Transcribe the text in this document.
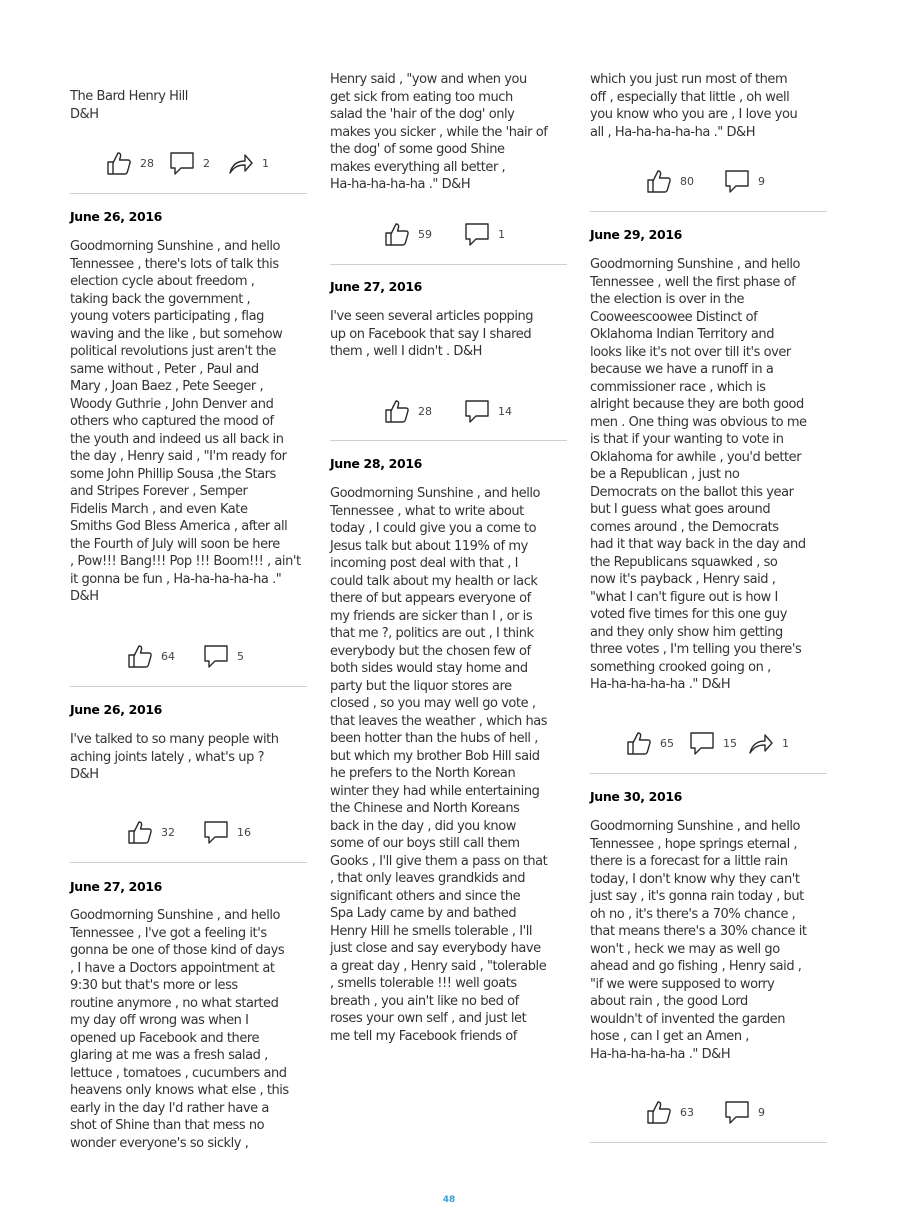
The Bard Henry Hill
D&H

28	2	1
June 26, 2016

Goodmorning Sunshine , and hello
Tennessee , there's lots of talk this
election cycle about freedom ,
taking back the government ,
young voters participating , flag
waving and the like , but somehow
political revolutions just aren't the
same without , Peter , Paul and
Mary , Joan Baez , Pete Seeger ,
Woody Guthrie , John Denver and
others who captured the mood of
the youth and indeed us all back in
the day , Henry said , "I'm ready for
some John Phillip Sousa ,the Stars
and Stripes Forever , Semper
Fidelis March , and even Kate
Smiths God Bless America , after all
the Fourth of July will soon be here
, Pow!!! Bang!!! Pop !!! Boom!!! , ain't
it gonna be fun , Ha-ha-ha-ha-ha ."
D&H

64	5
June 26, 2016

I've talked to so many people with
aching joints lately , what's up ?
D&H

32	16
June 27, 2016

Goodmorning Sunshine , and hello
Tennessee , I've got a feeling it's
gonna be one of those kind of days
, I have a Doctors appointment at
9:30 but that's more or less
routine anymore , no what started
my day off wrong was when I
opened up Facebook and there
glaring at me was a fresh salad ,
lettuce , tomatoes , cucumbers and
heavens only knows what else , this
early in the day I'd rather have a
shot of Shine than that mess no
wonder everyone's so sickly ,

Henry said , "yow and when you
get sick from eating too much
salad the 'hair of the dog' only
makes you sicker , while the 'hair of
the dog' of some good Shine
makes everything all better ,
Ha-ha-ha-ha-ha ." D&H

59	1
June 27, 2016

I've seen several articles popping
up on Facebook that say I shared
them , well I didn't . D&H

28	14
June 28, 2016

Goodmorning Sunshine , and hello
Tennessee , what to write about
today , I could give you a come to
Jesus talk but about 119% of my
incoming post deal with that , I
could talk about my health or lack
there of but appears everyone of
my friends are sicker than I , or is
that me ?, politics are out , I think
everybody but the chosen few of
both sides would stay home and
party but the liquor stores are
closed , so you may well go vote ,
that leaves the weather , which has
been hotter than the hubs of hell ,
but which my brother Bob Hill said
he prefers to the North Korean
winter they had while entertaining
the Chinese and North Koreans
back in the day , did you know
some of our boys still call them
Gooks , I'll give them a pass on that
, that only leaves grandkids and
significant others and since the
Spa Lady came by and bathed
Henry Hill he smells tolerable , I'll
just close and say everybody have
a great day , Henry said , "tolerable
, smells tolerable !!! well goats
breath , you ain't like no bed of
roses your own self , and just let
me tell my Facebook friends of

which you just run most of them
off , especially that little , oh well
you know who you are , I love you
all , Ha-ha-ha-ha-ha ." D&H

80	9
June 29, 2016

Goodmorning Sunshine , and hello
Tennessee , well the first phase of
the election is over in the
Cooweescoowee Distinct of
Oklahoma Indian Territory and
looks like it's not over till it's over
because we have a runoff in a
commissioner race , which is
alright because they are both good
men . One thing was obvious to me
is that if your wanting to vote in
Oklahoma for awhile , you'd better
be a Republican , just no
Democrats on the ballot this year
but I guess what goes around
comes around , the Democrats
had it that way back in the day and
the Republicans squawked , so
now it's payback , Henry said ,
"what I can't figure out is how I
voted five times for this one guy
and they only show him getting
three votes , I'm telling you there's
something crooked going on ,
Ha-ha-ha-ha-ha ." D&H

65	15	1
June 30, 2016

Goodmorning Sunshine , and hello
Tennessee , hope springs eternal ,
there is a forecast for a little rain
today, I don't know why they can't
just say , it's gonna rain today , but
oh no , it's there's a 70% chance ,
that means there's a 30% chance it
won't , heck we may as well go
ahead and go fishing , Henry said ,
"if we were supposed to worry
about rain , the good Lord
wouldn't of invented the garden
hose , can I get an Amen ,
Ha-ha-ha-ha-ha ." D&H

63	9
48
